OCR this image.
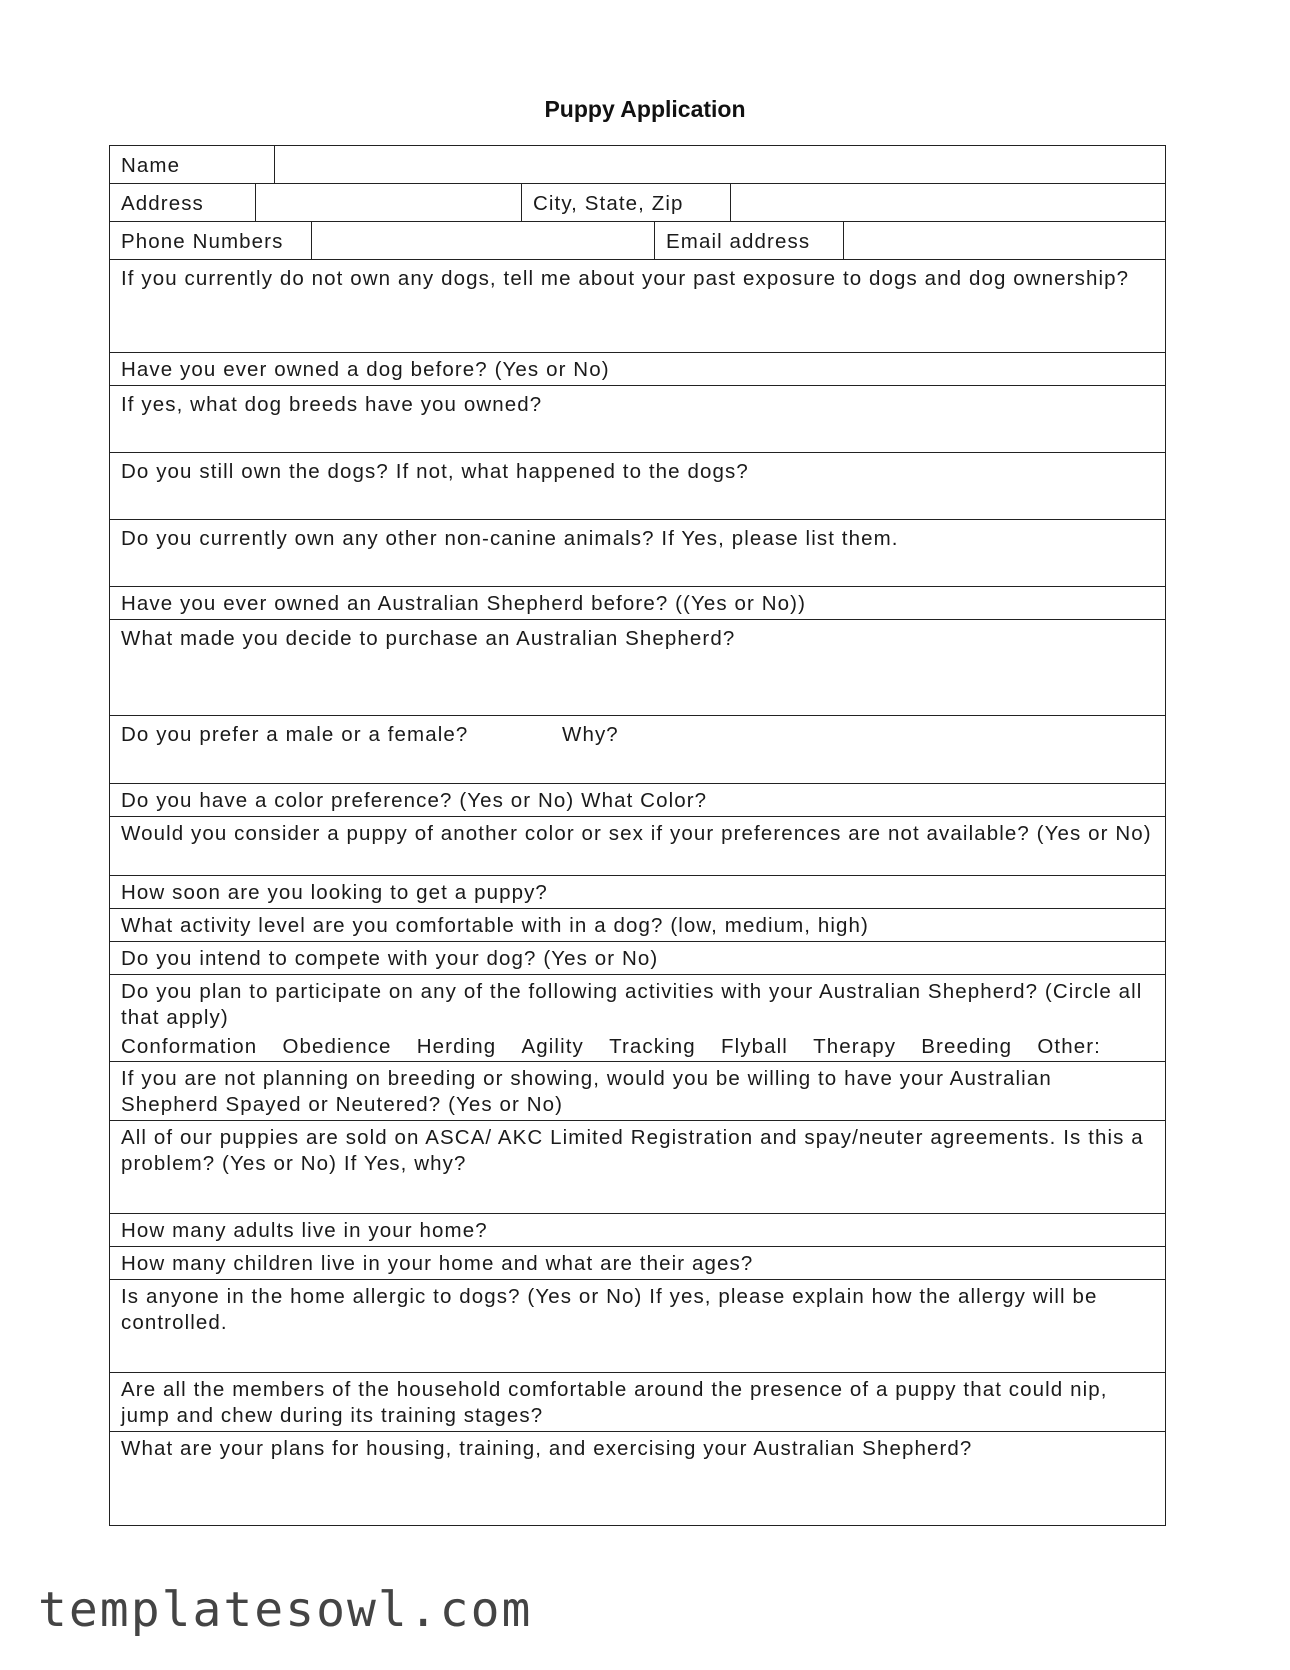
Puppy Application
Name
Address	City, State, Zip
Phone Numbers	Email address
If you currently do not own any dogs, tell me about your past exposure to dogs and dog ownership?
Have you ever owned a dog before? (Yes or No)
If yes, what dog breeds have you owned?
Do you still own the dogs? If not, what happened to the dogs?
Do you currently own any other non-canine animals? If Yes, please list them.
Have you ever owned an Australian Shepherd before? ((Yes or No))
What made you decide to purchase an Australian Shepherd?
Do you prefer a male or a female?	Why?
Do you have a color preference? (Yes or No) What Color?
Would you consider a puppy of another color or sex if your preferences are not available? (Yes or No)
How soon are you looking to get a puppy?
What activity level are you comfortable with in a dog? (low, medium, high)
Do you intend to compete with your dog? (Yes or No)
Do you plan to participate on any of the following activities with your Australian Shepherd? (Circle all that apply)
Conformation Obedience Herding Agility Tracking Flyball Therapy Breeding Other:
If you are not planning on breeding or showing, would you be willing to have your Australian Shepherd Spayed or Neutered? (Yes or No)
All of our puppies are sold on ASCA/ AKC Limited Registration and spay/neuter agreements. Is this a problem? (Yes or No) If Yes, why?
How many adults live in your home?
How many children live in your home and what are their ages?
Is anyone in the home allergic to dogs? (Yes or No) If yes, please explain how the allergy will be controlled.
Are all the members of the household comfortable around the presence of a puppy that could nip, jump and chew during its training stages?
What are your plans for housing, training, and exercising your Australian Shepherd?
templatesowl.com
